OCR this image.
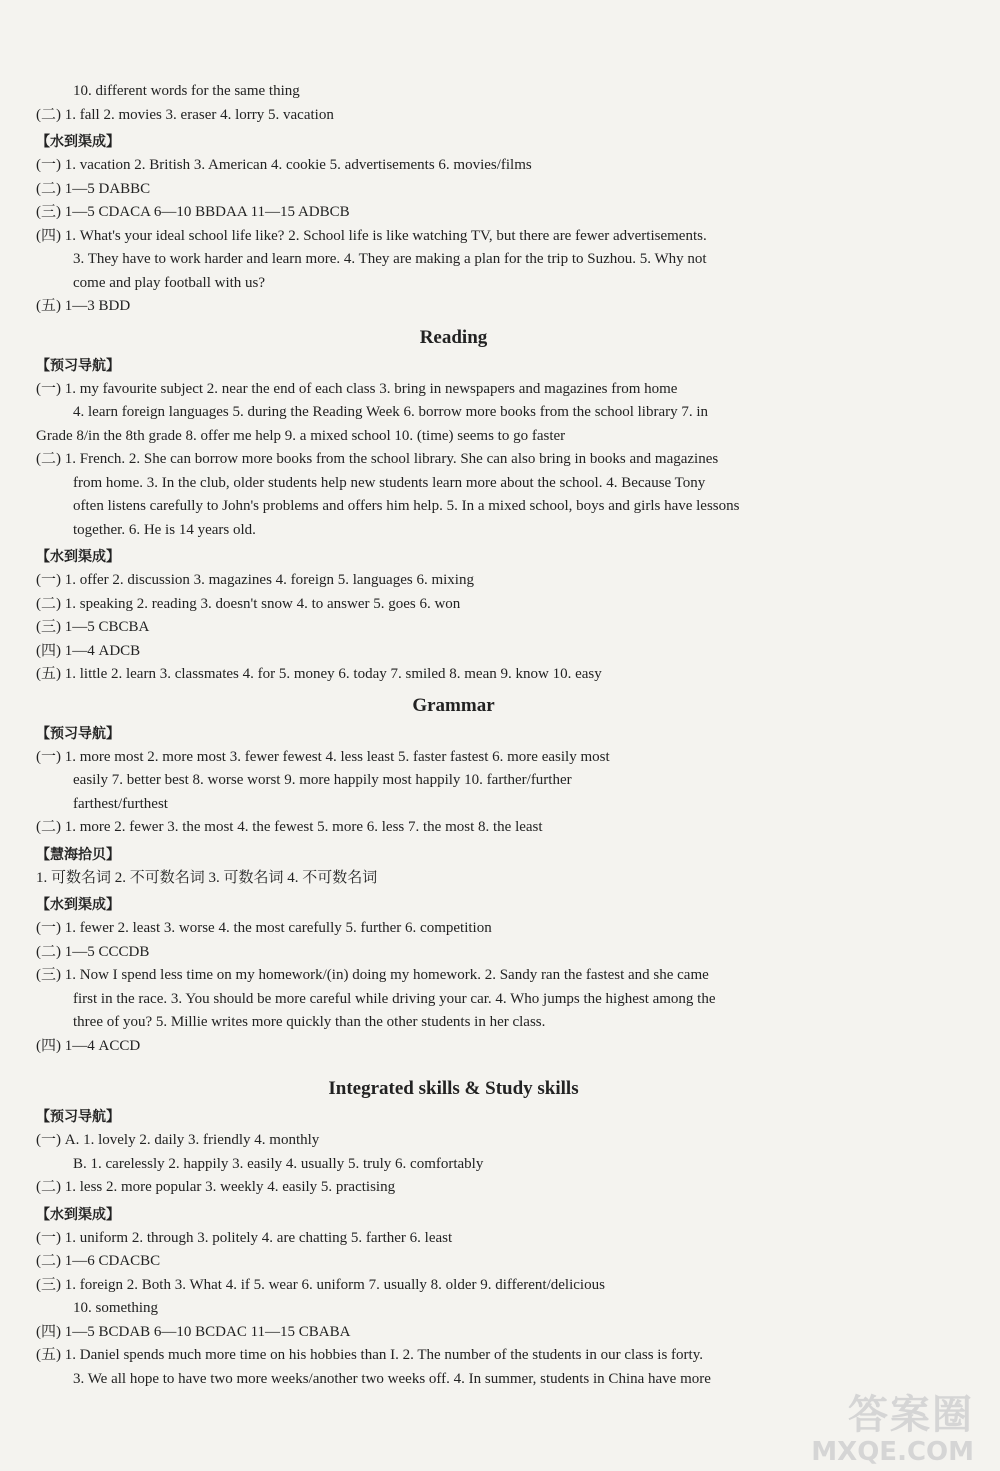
10. different words for the same thing
(二) 1. fall 2. movies 3. eraser 4. lorry 5. vacation
【水到渠成】
(一) 1. vacation 2. British 3. American 4. cookie 5. advertisements 6. movies/films
(二) 1—5 DABBC
(三) 1—5 CDACA 6—10 BBDAA 11—15 ADBCB
(四) 1. What's your ideal school life like? 2. School life is like watching TV, but there are fewer advertisements.
3. They have to work harder and learn more. 4. They are making a plan for the trip to Suzhou. 5. Why not
come and play football with us?
(五) 1—3 BDD
Reading
【预习导航】
(一) 1. my favourite subject 2. near the end of each class 3. bring in newspapers and magazines from home
4. learn foreign languages 5. during the Reading Week 6. borrow more books from the school library 7. in
Grade 8/in the 8th grade 8. offer me help 9. a mixed school 10. (time) seems to go faster
(二) 1. French. 2. She can borrow more books from the school library. She can also bring in books and magazines
from home. 3. In the club, older students help new students learn more about the school. 4. Because Tony
often listens carefully to John's problems and offers him help. 5. In a mixed school, boys and girls have lessons
together. 6. He is 14 years old.
【水到渠成】
(一) 1. offer 2. discussion 3. magazines 4. foreign 5. languages 6. mixing
(二) 1. speaking 2. reading 3. doesn't snow 4. to answer 5. goes 6. won
(三) 1—5 CBCBA
(四) 1—4 ADCB
(五) 1. little 2. learn 3. classmates 4. for 5. money 6. today 7. smiled 8. mean 9. know 10. easy
Grammar
【预习导航】
(一) 1. more most 2. more most 3. fewer fewest 4. less least 5. faster fastest 6. more easily most
easily 7. better best 8. worse worst 9. more happily most happily 10. farther/further
farthest/furthest
(二) 1. more 2. fewer 3. the most 4. the fewest 5. more 6. less 7. the most 8. the least
【慧海拾贝】
1. 可数名词 2. 不可数名词 3. 可数名词 4. 不可数名词
【水到渠成】
(一) 1. fewer 2. least 3. worse 4. the most carefully 5. further 6. competition
(二) 1—5 CCCDB
(三) 1. Now I spend less time on my homework/(in) doing my homework. 2. Sandy ran the fastest and she came
first in the race. 3. You should be more careful while driving your car. 4. Who jumps the highest among the
three of you? 5. Millie writes more quickly than the other students in her class.
(四) 1—4 ACCD
Integrated skills & Study skills
【预习导航】
(一) A. 1. lovely 2. daily 3. friendly 4. monthly
B. 1. carelessly 2. happily 3. easily 4. usually 5. truly 6. comfortably
(二) 1. less 2. more popular 3. weekly 4. easily 5. practising
【水到渠成】
(一) 1. uniform 2. through 3. politely 4. are chatting 5. farther 6. least
(二) 1—6 CDACBC
(三) 1. foreign 2. Both 3. What 4. if 5. wear 6. uniform 7. usually 8. older 9. different/delicious
10. something
(四) 1—5 BCDAB 6—10 BCDAC 11—15 CBABA
(五) 1. Daniel spends much more time on his hobbies than I. 2. The number of the students in our class is forty.
3. We all hope to have two more weeks/another two weeks off. 4. In summer, students in China have more
答案圈
MXQE.COM
